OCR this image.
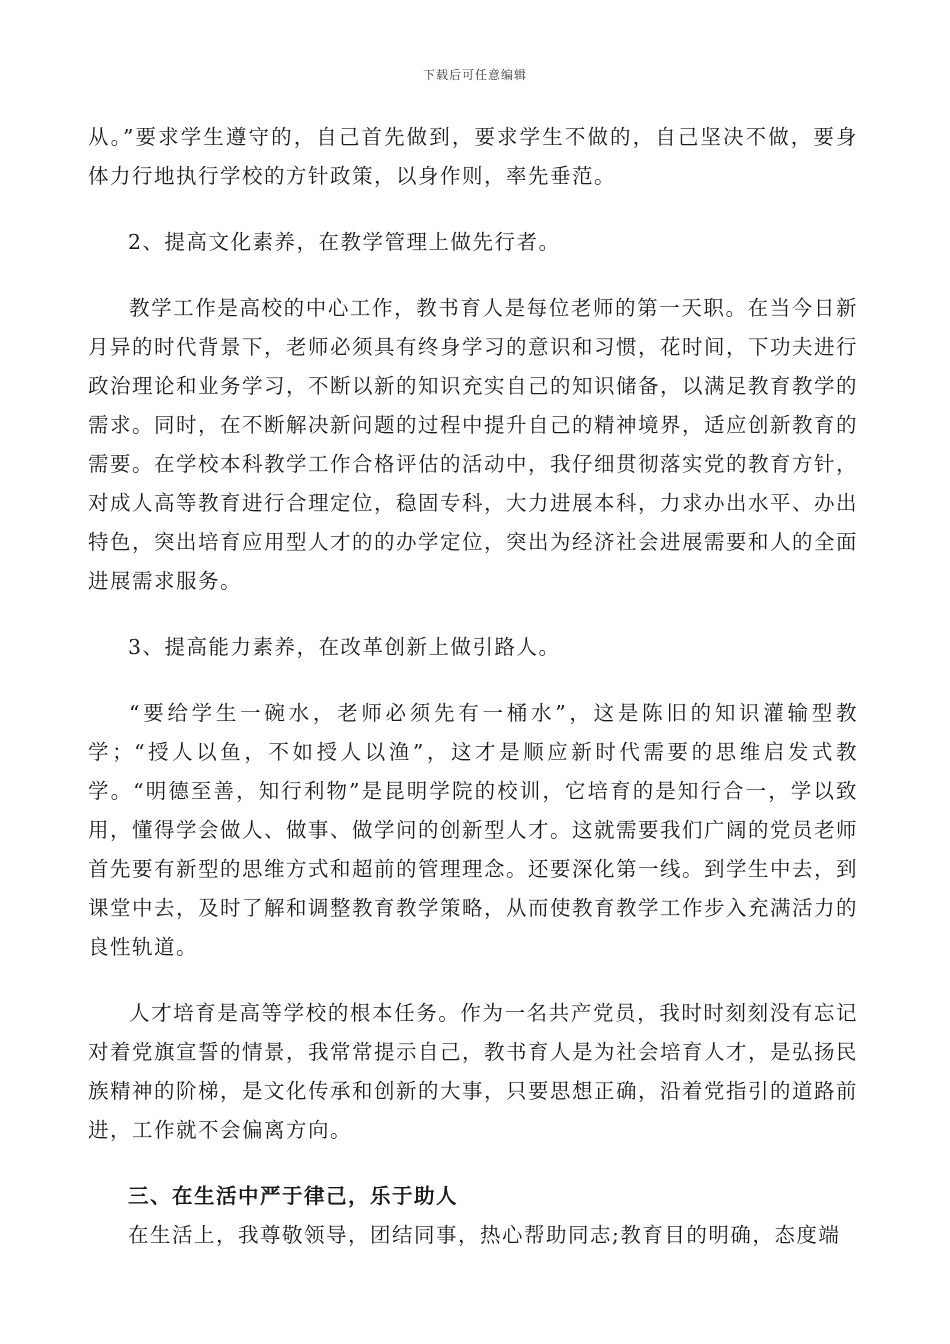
下载后可任意编辑

从。”要求学生遵守的，自己首先做到，要求学生不做的，自己坚决不做，要身体力行地执行学校的方针政策，以身作则，率先垂范。

2、提高文化素养，在教学管理上做先行者。

教学工作是高校的中心工作，教书育人是每位老师的第一天职。在当今日新月异的时代背景下，老师必须具有终身学习的意识和习惯，花时间，下功夫进行政治理论和业务学习，不断以新的知识充实自己的知识储备，以满足教育教学的需求。同时，在不断解决新问题的过程中提升自己的精神境界，适应创新教育的需要。在学校本科教学工作合格评估的活动中，我仔细贯彻落实党的教育方针，对成人高等教育进行合理定位，稳固专科，大力进展本科，力求办出水平、办出特色，突出培育应用型人才的的办学定位，突出为经济社会进展需要和人的全面进展需求服务。

3、提高能力素养，在改革创新上做引路人。

“要给学生一碗水，老师必须先有一桶水”，这是陈旧的知识灌输型教学；“授人以鱼，不如授人以渔”，这才是顺应新时代需要的思维启发式教学。“明德至善，知行利物”是昆明学院的校训，它培育的是知行合一，学以致用，懂得学会做人、做事、做学问的创新型人才。这就需要我们广阔的党员老师首先要有新型的思维方式和超前的管理理念。还要深化第一线。到学生中去，到课堂中去，及时了解和调整教育教学策略，从而使教育教学工作步入充满活力的良性轨道。

人才培育是高等学校的根本任务。作为一名共产党员，我时时刻刻没有忘记对着党旗宣誓的情景，我常常提示自己，教书育人是为社会培育人才，是弘扬民族精神的阶梯，是文化传承和创新的大事，只要思想正确，沿着党指引的道路前进，工作就不会偏离方向。

三、在生活中严于律己，乐于助人

在生活上，我尊敬领导，团结同事，热心帮助同志;教育目的明确，态度端
